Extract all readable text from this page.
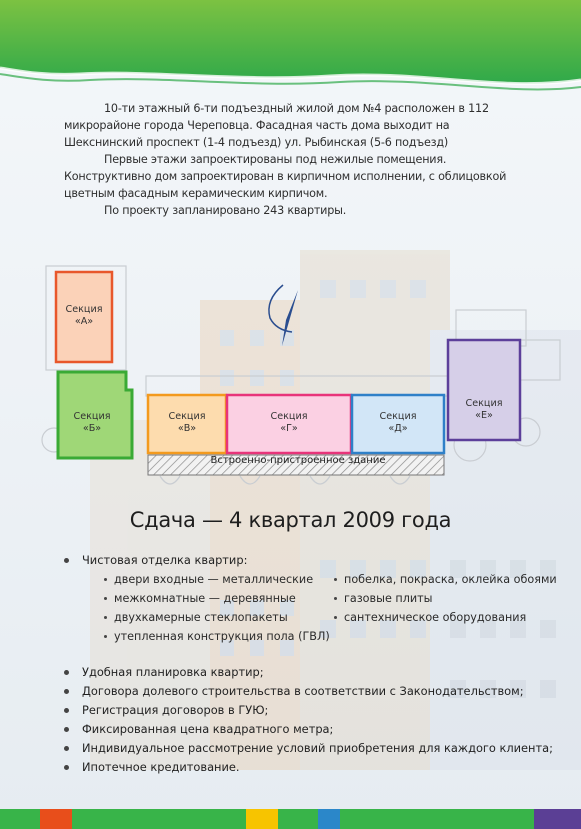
10-ти этажный 6-ти подъездный жилой дом №4 расположен в 112 микрорайоне города Череповца. Фасадная часть дома выходит на Шекснинский проспект (1-4 подъезд) ул. Рыбинская (5-6 подъезд)

Первые этажи запроектированы под нежилые помещения. Конструктивно дом запроектирован в кирпичном исполнении, с облицовкой цветным фасадным керамическим кирпичом.

По проекту запланировано 243 квартиры.

Секция
«А»
Секция
«Б»
Секция
«В»
Секция
«Г»
Секция
«Д»
Секция
«Е»
Встроенно-пристроенное здание
Сдача — 4 квартал 2009 года
Чистовая отделка квартир:
двери входные — металлические
межкомнатные — деревянные
двухкамерные стеклопакеты
утепленная конструкция пола (ГВЛ)
побелка, покраска, оклейка обоями
газовые плиты
сантехническое оборудования
Удобная планировка квартир;
Договора долевого строительства в соответствии с Законодательством;
Регистрация договоров в ГУЮ;
Фиксированная цена квадратного метра;
Индивидуальное рассмотрение условий приобретения для каждого клиента;
Ипотечное кредитование.
